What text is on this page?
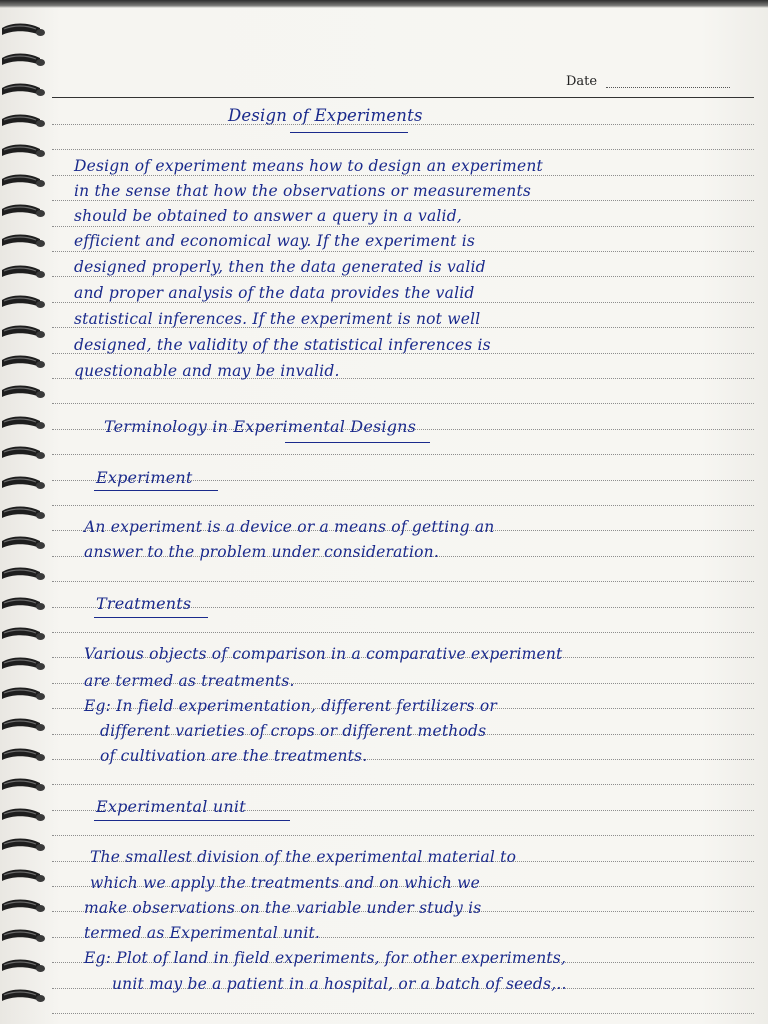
Date
Design of Experiments
Design of experiment means how to design an experiment
in the sense that how the observations or measurements
should be obtained to answer a query in a valid,
efficient and economical way. If the experiment is
designed properly, then the data generated is valid
and proper analysis of the data provides the valid
statistical inferences. If the experiment is not well
designed, the validity of the statistical inferences is
questionable and may be invalid.
Terminology in Experimental Designs
Experiment
An experiment is a device or a means of getting an
answer to the problem under consideration.
Treatments
Various objects of comparison in a comparative experiment
are termed as treatments.
Eg: In field experimentation, different fertilizers or
different varieties of crops or different methods
of cultivation are the treatments.
Experimental unit
The smallest division of the experimental material to
which we apply the treatments and on which we
make observations on the variable under study is
termed as Experimental unit.
Eg: Plot of land in field experiments, for other experiments,
unit may be a patient in a hospital, or a batch of seeds,..
